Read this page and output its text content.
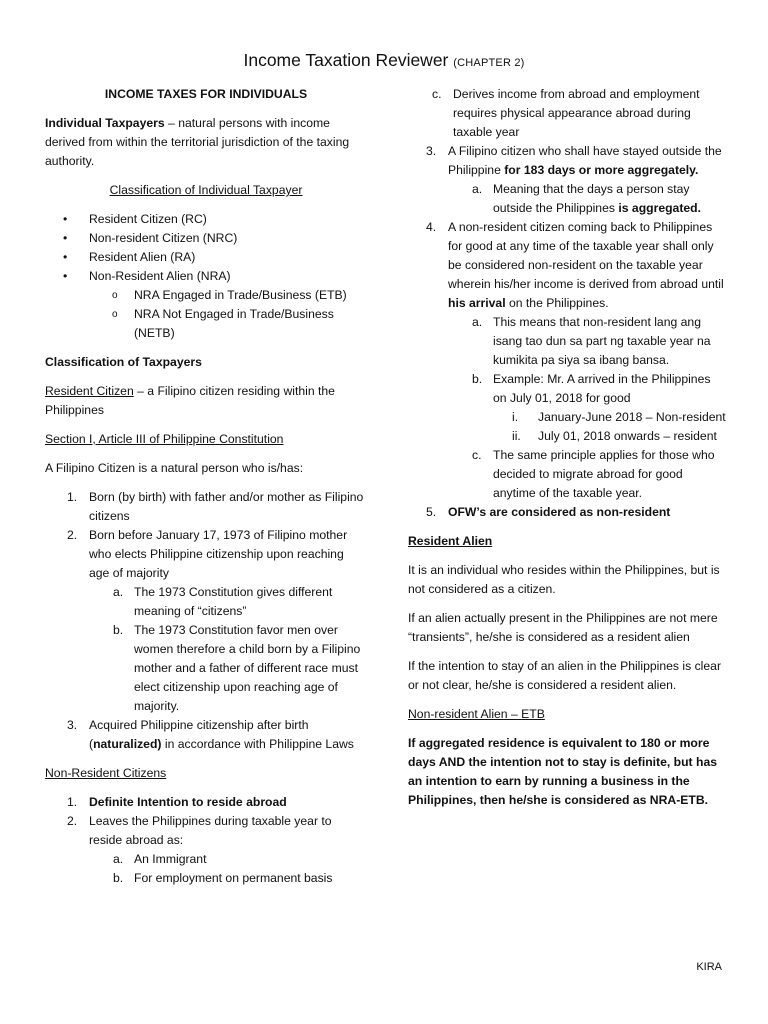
Income Taxation Reviewer (CHAPTER 2)

INCOME TAXES FOR INDIVIDUALS

Individual Taxpayers – natural persons with income derived from within the territorial jurisdiction of the taxing authority.

Classification of Individual Taxpayer

• Resident Citizen (RC)
• Non-resident Citizen (NRC)
• Resident Alien (RA)
• Non-Resident Alien (NRA)
o NRA Engaged in Trade/Business (ETB)
o NRA Not Engaged in Trade/Business (NETB)

Classification of Taxpayers

Resident Citizen – a Filipino citizen residing within the Philippines

Section I, Article III of Philippine Constitution

A Filipino Citizen is a natural person who is/has:

1. Born (by birth) with father and/or mother as Filipino citizens
2. Born before January 17, 1973 of Filipino mother who elects Philippine citizenship upon reaching age of majority
a. The 1973 Constitution gives different meaning of “citizens”
b. The 1973 Constitution favor men over women therefore a child born by a Filipino mother and a father of different race must elect citizenship upon reaching age of majority.
3. Acquired Philippine citizenship after birth (naturalized) in accordance with Philippine Laws

Non-Resident Citizens

1. Definite Intention to reside abroad
2. Leaves the Philippines during taxable year to reside abroad as:
a. An Immigrant
b. For employment on permanent basis
c. Derives income from abroad and employment requires physical appearance abroad during taxable year
3. A Filipino citizen who shall have stayed outside the Philippine for 183 days or more aggregately.
a. Meaning that the days a person stay outside the Philippines is aggregated.
4. A non-resident citizen coming back to Philippines for good at any time of the taxable year shall only be considered non-resident on the taxable year wherein his/her income is derived from abroad until his arrival on the Philippines.
a. This means that non-resident lang ang isang tao dun sa part ng taxable year na kumikita pa siya sa ibang bansa.
b. Example: Mr. A arrived in the Philippines on July 01, 2018 for good
i. January-June 2018 – Non-resident
ii. July 01, 2018 onwards – resident
c. The same principle applies for those who decided to migrate abroad for good anytime of the taxable year.
5. OFW’s are considered as non-resident

Resident Alien

It is an individual who resides within the Philippines, but is not considered as a citizen.

If an alien actually present in the Philippines are not mere “transients”, he/she is considered as a resident alien

If the intention to stay of an alien in the Philippines is clear or not clear, he/she is considered a resident alien.

Non-resident Alien – ETB

If aggregated residence is equivalent to 180 or more days AND the intention not to stay is definite, but has an intention to earn by running a business in the Philippines, then he/she is considered as NRA-ETB.

KIRA
